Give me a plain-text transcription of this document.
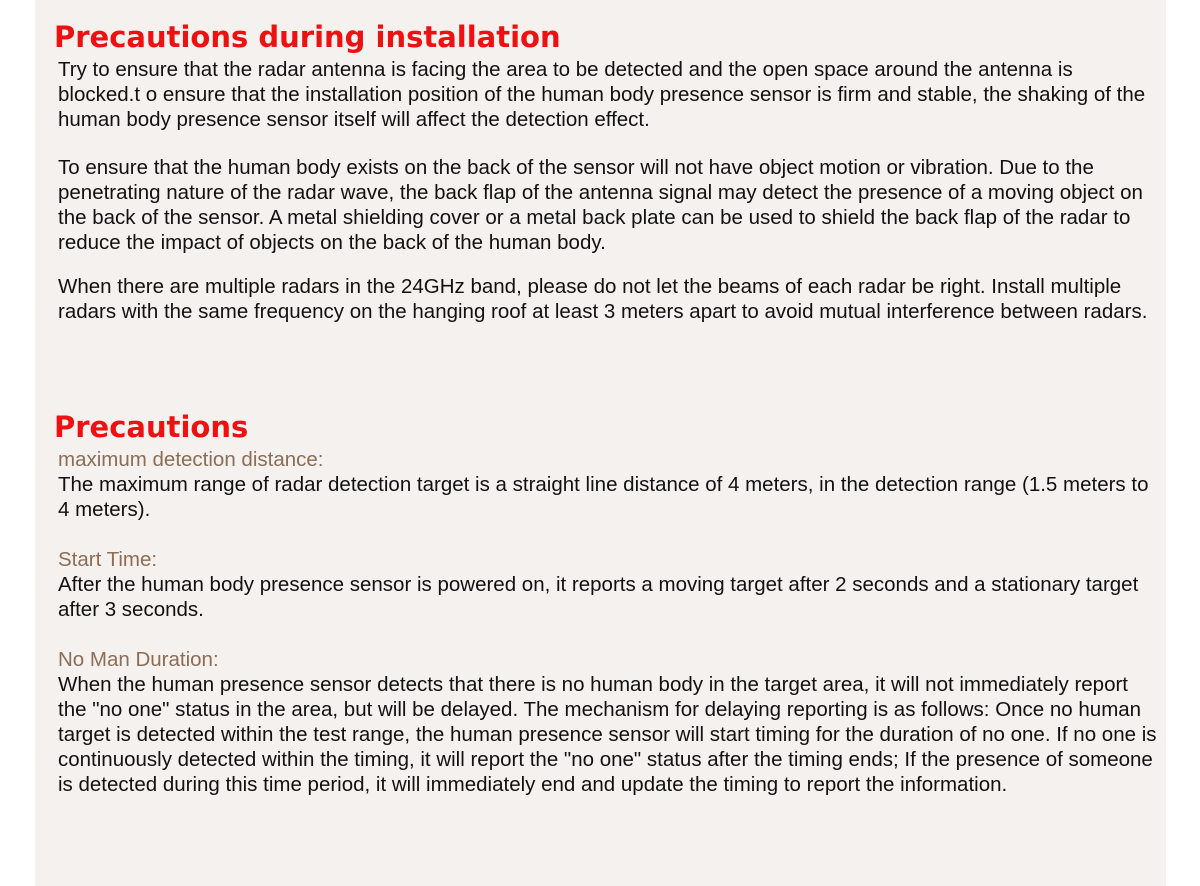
Precautions during installation

Try to ensure that the radar antenna is facing the area to be detected and the open space around the antenna is blocked.t o ensure that the installation position of the human body presence sensor is firm and stable, the shaking of the human body presence sensor itself will affect the detection effect.

To ensure that the human body exists on the back of the sensor will not have object motion or vibration. Due to the penetrating nature of the radar wave, the back flap of the antenna signal may detect the presence of a moving object on the back of the sensor. A metal shielding cover or a metal back plate can be used to shield the back flap of the radar to reduce the impact of objects on the back of the human body.

When there are multiple radars in the 24GHz band, please do not let the beams of each radar be right. Install multiple radars with the same frequency on the hanging roof at least 3 meters apart to avoid mutual interference between radars.

Precautions

maximum detection distance:

The maximum range of radar detection target is a straight line distance of 4 meters, in the detection range (1.5 meters to 4 meters).

Start Time:

After the human body presence sensor is powered on, it reports a moving target after 2 seconds and a stationary target after 3 seconds.

No Man Duration:

When the human presence sensor detects that there is no human body in the target area, it will not immediately report the "no one" status in the area, but will be delayed. The mechanism for delaying reporting is as follows: Once no human target is detected within the test range, the human presence sensor will start timing for the duration of no one. If no one is continuously detected within the timing, it will report the "no one" status after the timing ends; If the presence of someone is detected during this time period, it will immediately end and update the timing to report the information.
